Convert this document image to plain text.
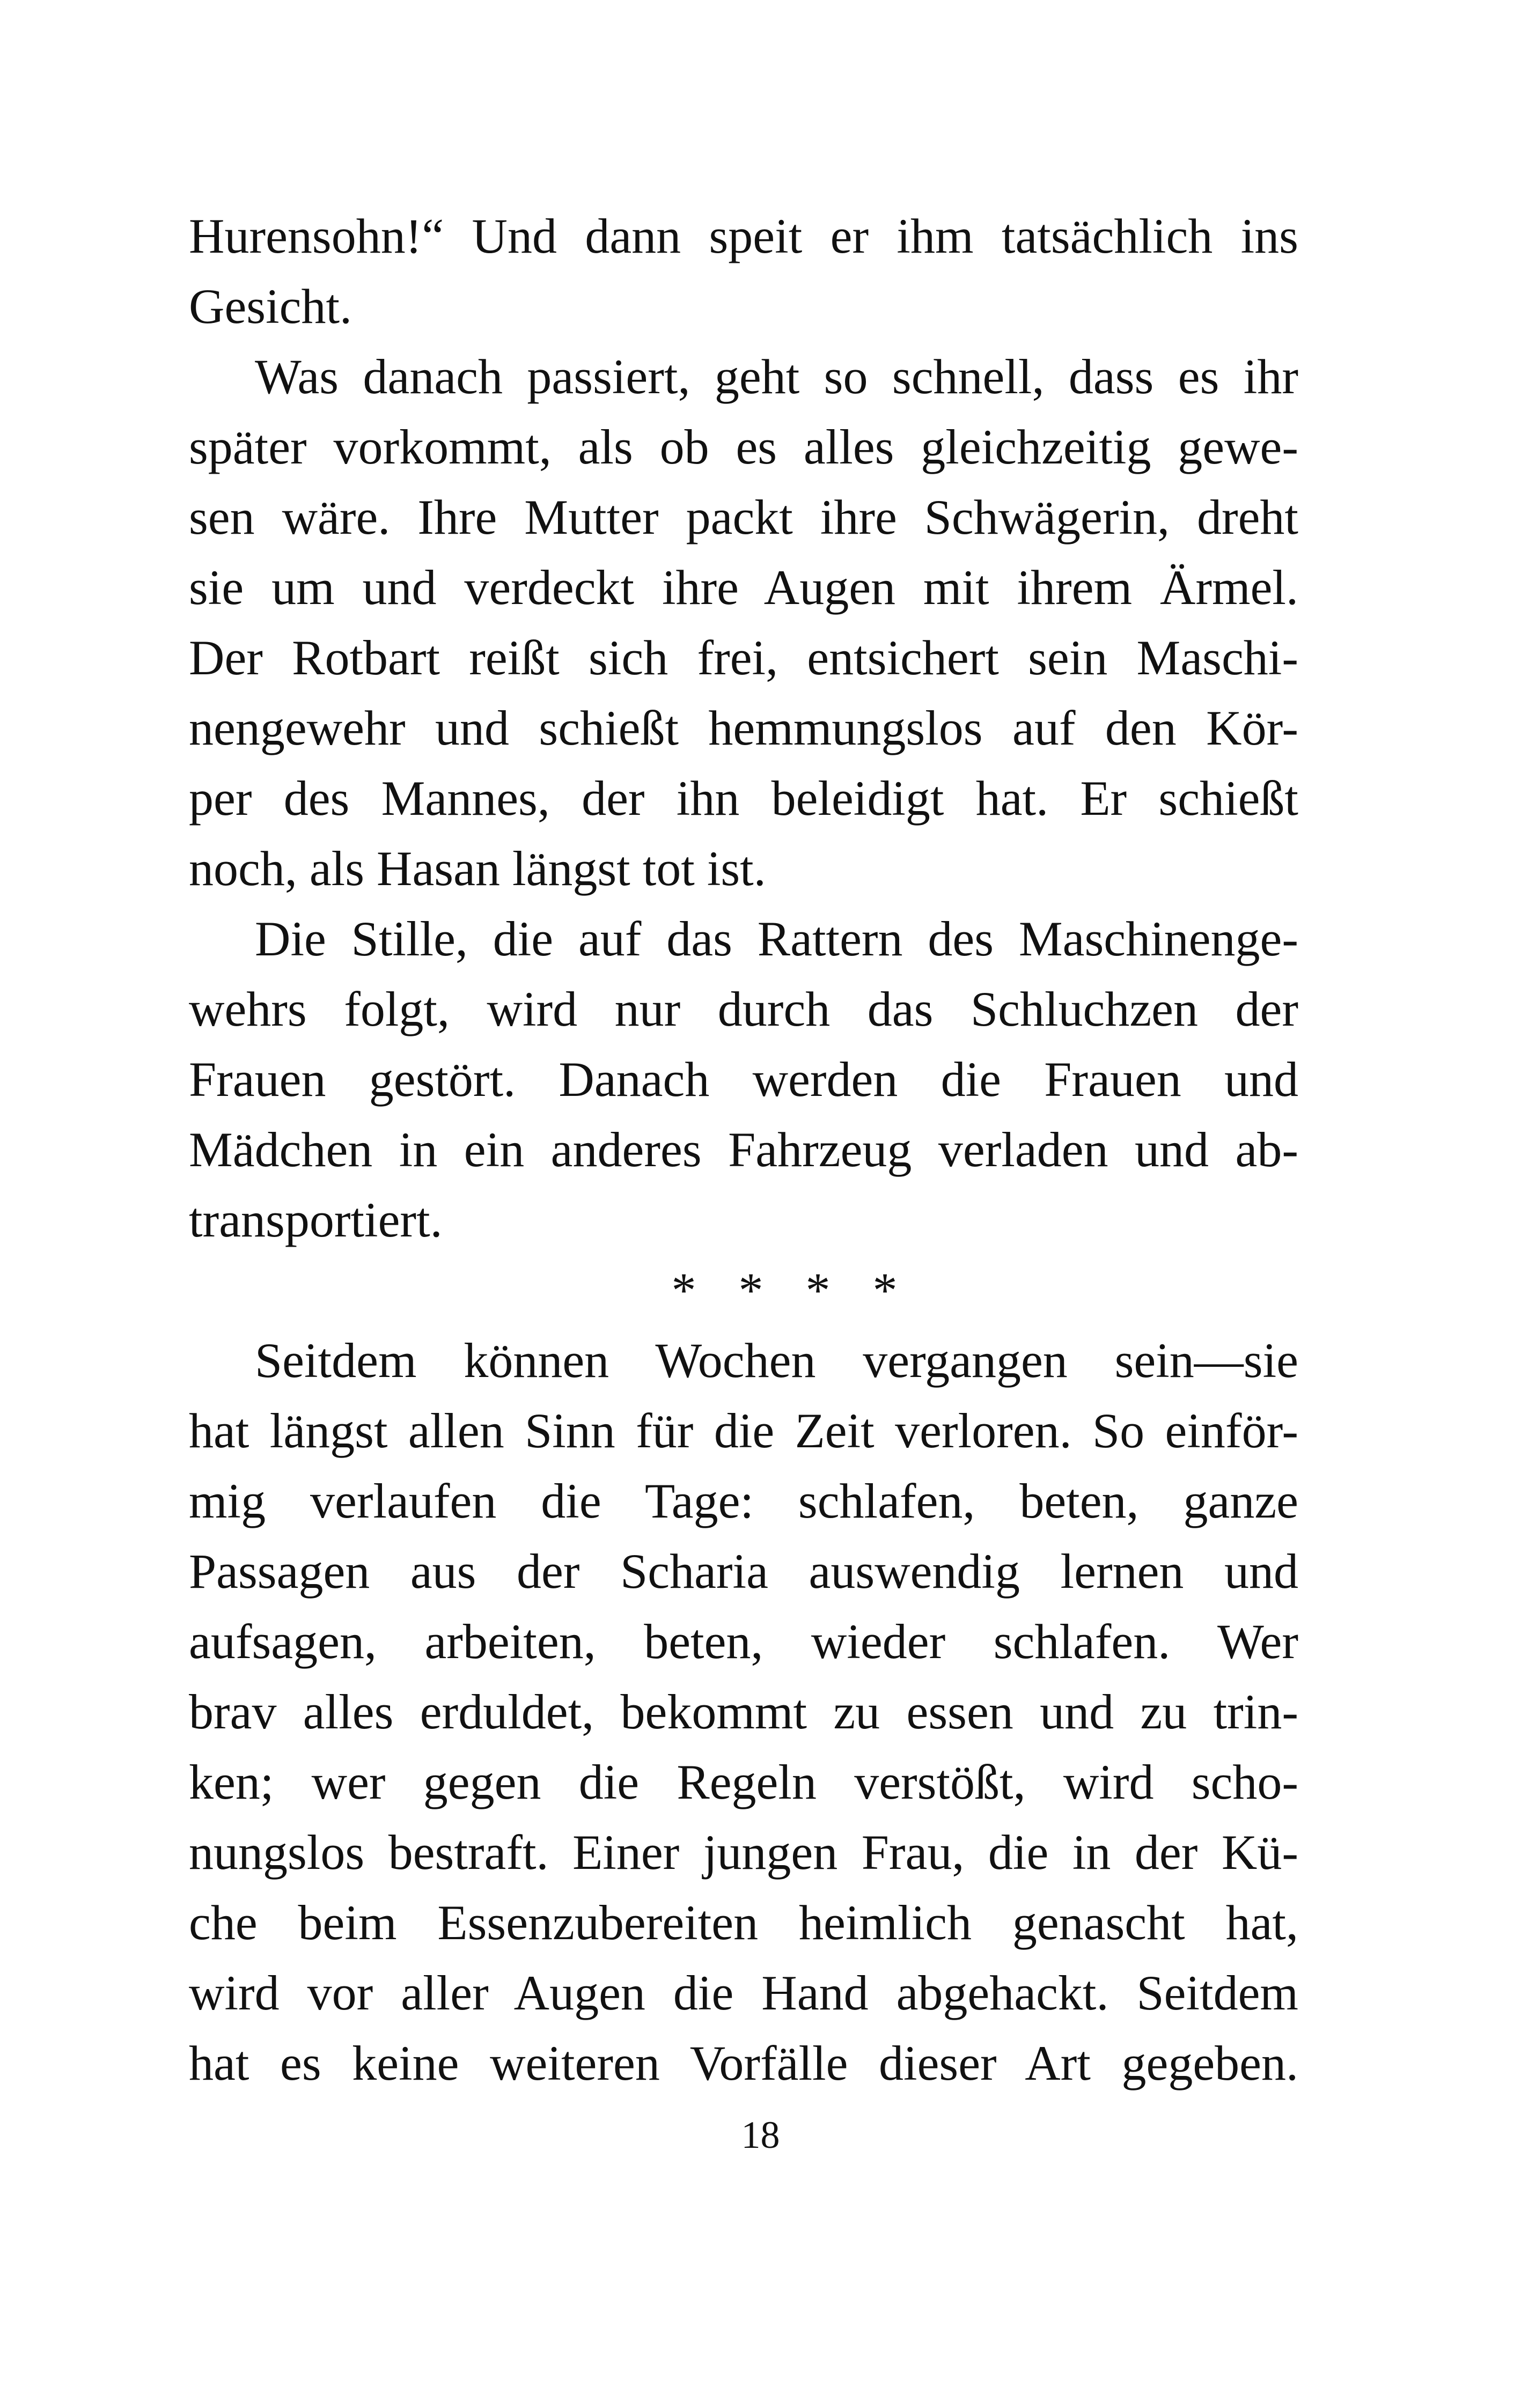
Hurensohn!“ Und dann speit er ihm tatsächlich ins
Gesicht.
Was danach passiert, geht so schnell, dass es ihr
später vorkommt, als ob es alles gleichzeitig gewe-
sen wäre. Ihre Mutter packt ihre Schwägerin, dreht
sie um und verdeckt ihre Augen mit ihrem Ärmel.
Der Rotbart reißt sich frei, entsichert sein Maschi-
nengewehr und schießt hemmungslos auf den Kör-
per des Mannes, der ihn beleidigt hat. Er schießt
noch, als Hasan längst tot ist.
Die Stille, die auf das Rattern des Maschinenge-
wehrs folgt, wird nur durch das Schluchzen der
Frauen gestört. Danach werden die Frauen und
Mädchen in ein anderes Fahrzeug verladen und ab-
transportiert.
* * * *
Seitdem können Wochen vergangen sein—sie
hat längst allen Sinn für die Zeit verloren. So einför-
mig verlaufen die Tage: schlafen, beten, ganze
Passagen aus der Scharia auswendig lernen und
aufsagen, arbeiten, beten, wieder schlafen. Wer
brav alles erduldet, bekommt zu essen und zu trin-
ken; wer gegen die Regeln verstößt, wird scho-
nungslos bestraft. Einer jungen Frau, die in der Kü-
che beim Essenzubereiten heimlich genascht hat,
wird vor aller Augen die Hand abgehackt. Seitdem
hat es keine weiteren Vorfälle dieser Art gegeben.
18
